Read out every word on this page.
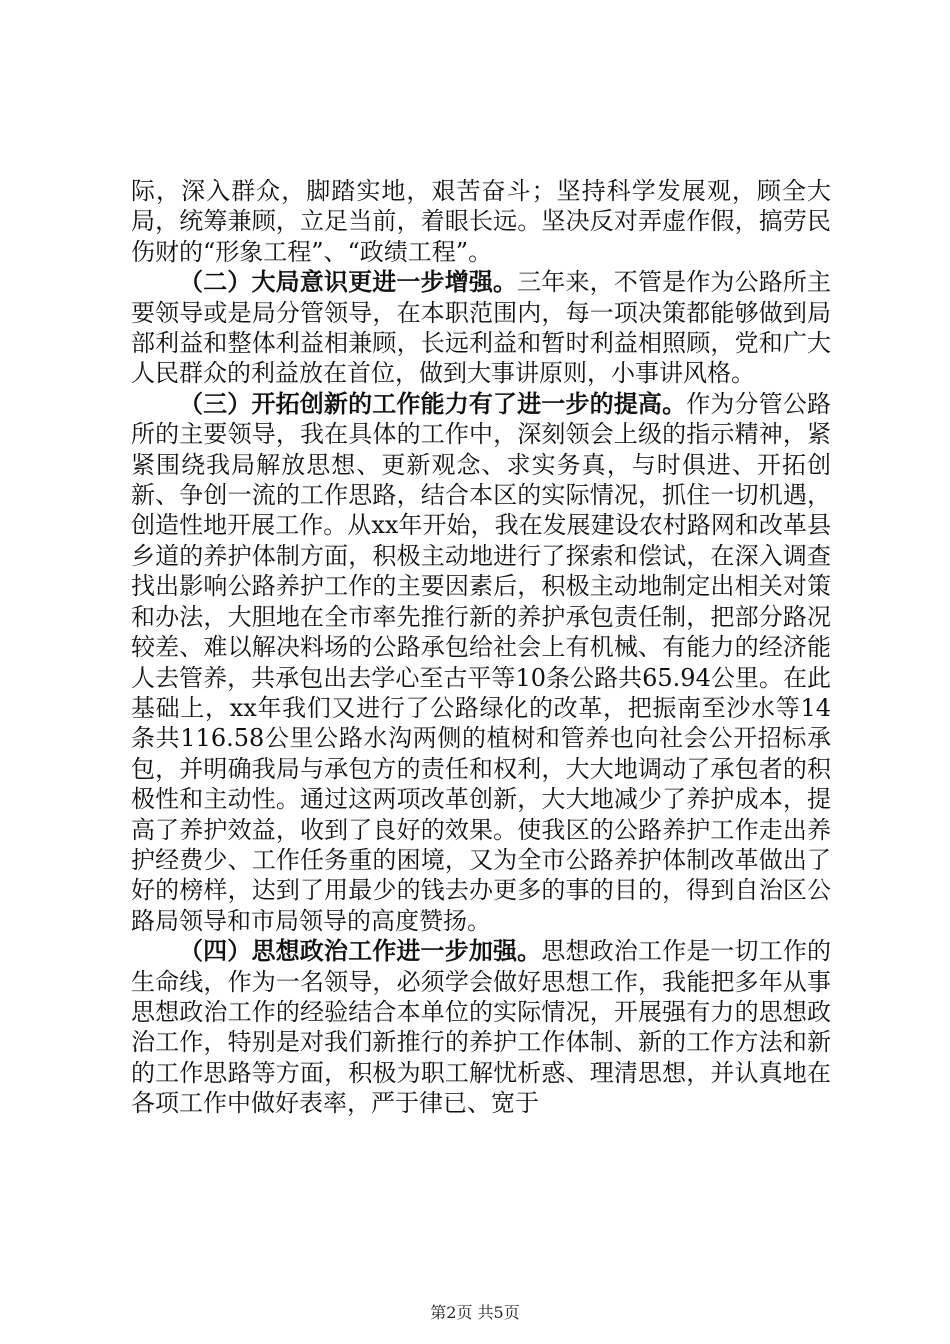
际，深入群众，脚踏实地，艰苦奋斗；坚持科学发展观，顾全大局，统筹兼顾，立足当前，着眼长远。坚决反对弄虚作假，搞劳民伤财的“形象工程”、“政绩工程”。

（二）大局意识更进一步增强。三年来，不管是作为公路所主要领导或是局分管领导，在本职范围内，每一项决策都能够做到局部利益和整体利益相兼顾，长远利益和暂时利益相照顾，党和广大人民群众的利益放在首位，做到大事讲原则，小事讲风格。

（三）开拓创新的工作能力有了进一步的提高。作为分管公路所的主要领导，我在具体的工作中，深刻领会上级的指示精神，紧紧围绕我局解放思想、更新观念、求实务真，与时俱进、开拓创新、争创一流的工作思路，结合本区的实际情况，抓住一切机遇，创造性地开展工作。从xx年开始，我在发展建设农村路网和改革县乡道的养护体制方面，积极主动地进行了探索和偿试，在深入调查找出影响公路养护工作的主要因素后，积极主动地制定出相关对策和办法，大胆地在全市率先推行新的养护承包责任制，把部分路况较差、难以解决料场的公路承包给社会上有机械、有能力的经济能人去管养，共承包出去学心至古平等10条公路共65.94公里。在此基础上，xx年我们又进行了公路绿化的改革，把振南至沙水等14条共116.58公里公路水沟两侧的植树和管养也向社会公开招标承包，并明确我局与承包方的责任和权利，大大地调动了承包者的积极性和主动性。通过这两项改革创新，大大地减少了养护成本，提高了养护效益，收到了良好的效果。使我区的公路养护工作走出养护经费少、工作任务重的困境，又为全市公路养护体制改革做出了好的榜样，达到了用最少的钱去办更多的事的目的，得到自治区公路局领导和市局领导的高度赞扬。

（四）思想政治工作进一步加强。思想政治工作是一切工作的生命线，作为一名领导，必须学会做好思想工作，我能把多年从事思想政治工作的经验结合本单位的实际情况，开展强有力的思想政治工作，特别是对我们新推行的养护工作体制、新的工作方法和新的工作思路等方面，积极为职工解忧析惑、理清思想，并认真地在各项工作中做好表率，严于律已、宽于

第2页 共5页
